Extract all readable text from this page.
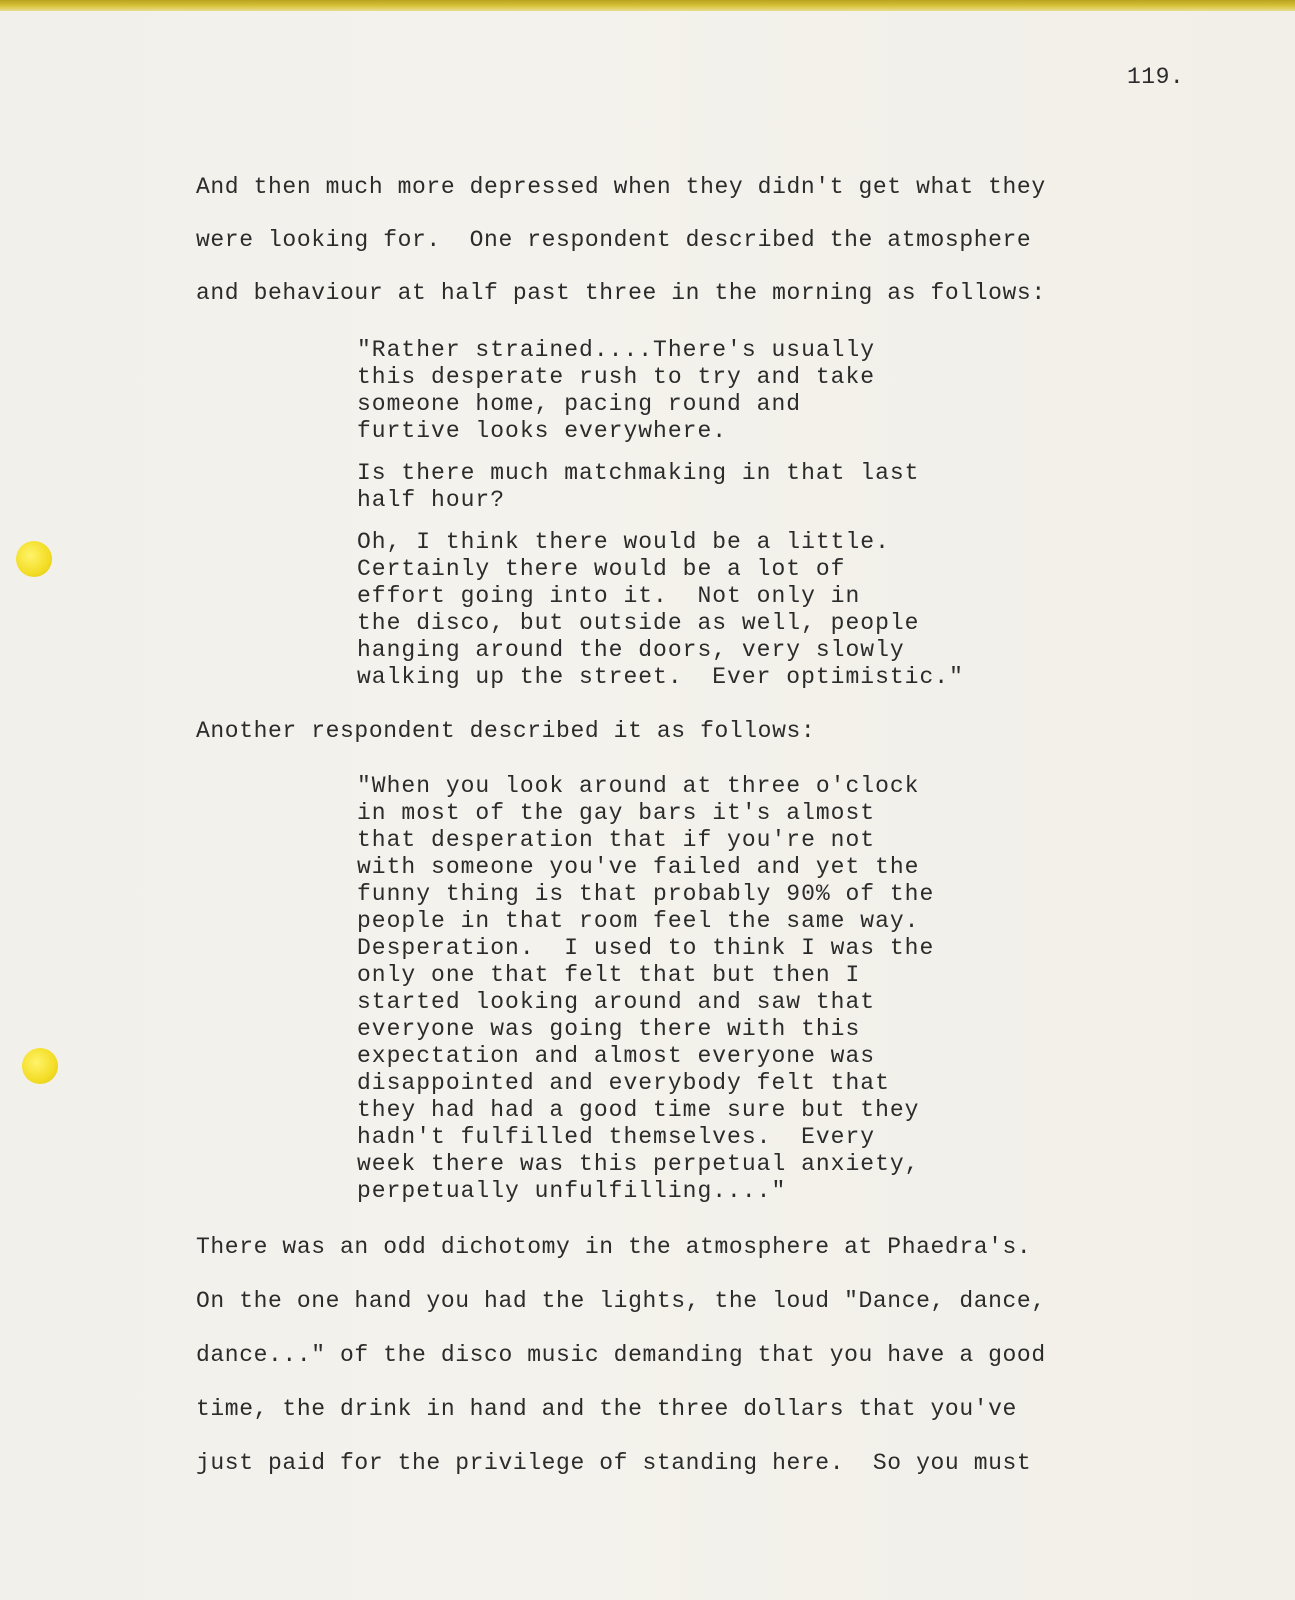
119.
And then much more depressed when they didn't get what they
were looking for.  One respondent described the atmosphere
and behaviour at half past three in the morning as follows:
"Rather strained....There's usually
this desperate rush to try and take
someone home, pacing round and
furtive looks everywhere.
Is there much matchmaking in that last
half hour?
Oh, I think there would be a little.
Certainly there would be a lot of
effort going into it.  Not only in
the disco, but outside as well, people
hanging around the doors, very slowly
walking up the street.  Ever optimistic."
Another respondent described it as follows:
"When you look around at three o'clock
in most of the gay bars it's almost
that desperation that if you're not
with someone you've failed and yet the
funny thing is that probably 90% of the
people in that room feel the same way.
Desperation.  I used to think I was the
only one that felt that but then I
started looking around and saw that
everyone was going there with this
expectation and almost everyone was
disappointed and everybody felt that
they had had a good time sure but they
hadn't fulfilled themselves.  Every
week there was this perpetual anxiety,
perpetually unfulfilling...."
There was an odd dichotomy in the atmosphere at Phaedra's.
On the one hand you had the lights, the loud "Dance, dance,
dance..." of the disco music demanding that you have a good
time, the drink in hand and the three dollars that you've
just paid for the privilege of standing here.  So you must
